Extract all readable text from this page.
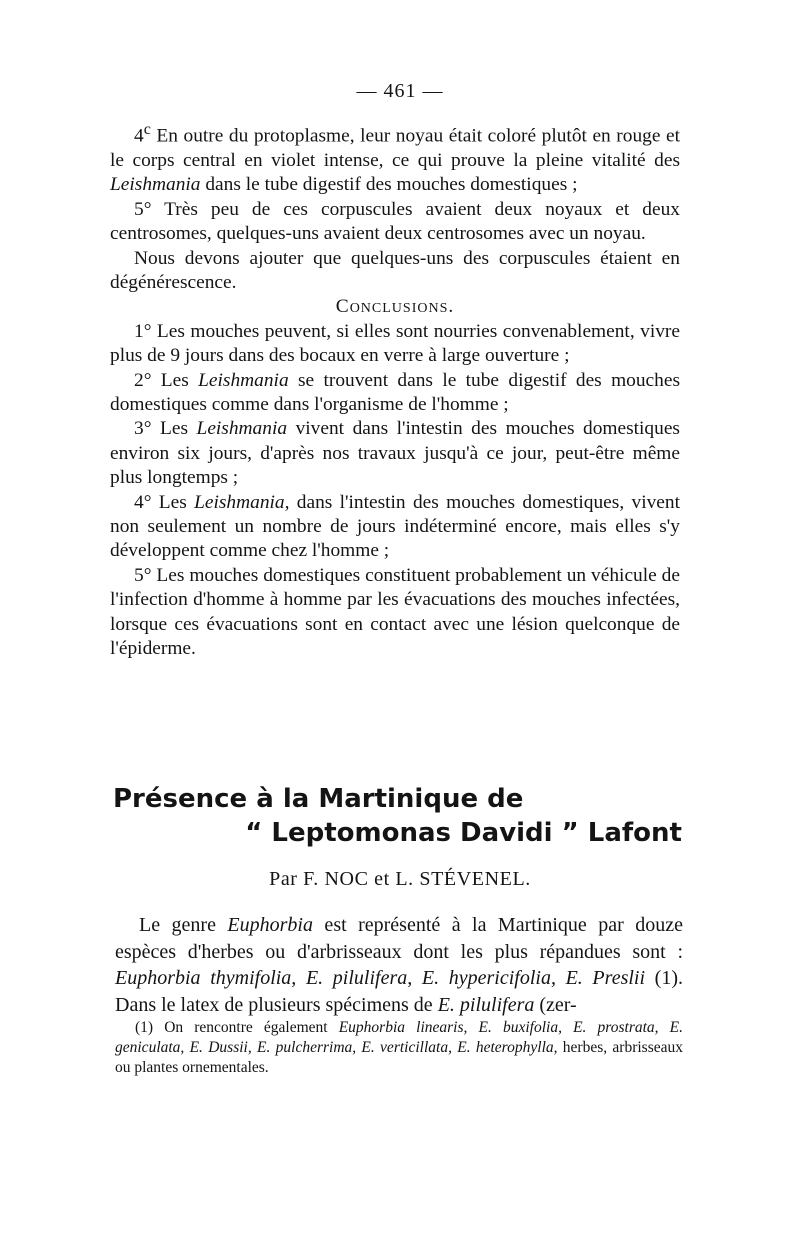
— 461 —

4$^c$ En outre du protoplasme, leur noyau était coloré plutôt en rouge et le corps central en violet intense, ce qui prouve la pleine vitalité des Leishmania dans le tube digestif des mouches domestiques ;

5° Très peu de ces corpuscules avaient deux noyaux et deux centrosomes, quelques-uns avaient deux centrosomes avec un noyau.

Nous devons ajouter que quelques-uns des corpuscules étaient en dégénérescence.

Conclusions.

1° Les mouches peuvent, si elles sont nourries convenablement, vivre plus de 9 jours dans des bocaux en verre à large ouverture ;

2° Les Leishmania se trouvent dans le tube digestif des mouches domestiques comme dans l'organisme de l'homme ;

3° Les Leishmania vivent dans l'intestin des mouches domestiques environ six jours, d'après nos travaux jusqu'à ce jour, peut-être même plus longtemps ;

4° Les Leishmania, dans l'intestin des mouches domestiques, vivent non seulement un nombre de jours indéterminé encore, mais elles s'y développent comme chez l'homme ;

5° Les mouches domestiques constituent probablement un véhicule de l'infection d'homme à homme par les évacuations des mouches infectées, lorsque ces évacuations sont en contact avec une lésion quelconque de l'épiderme.

Présence à la Martinique de
“ Leptomonas Davidi ” Lafont
Par F. NOC et L. STÉVENEL.

Le genre Euphorbia est représenté à la Martinique par douze espèces d'herbes ou d'arbrisseaux dont les plus répandues sont : Euphorbia thymifolia, E. pilulifera, E. hypericifolia, E. Preslii (1). Dans le latex de plusieurs spécimens de E. pilulifera (zer-

(1) On rencontre également Euphorbia linearis, E. buxifolia, E. prostrata, E. geniculata, E. Dussii, E. pulcherrima, E. verticillata, E. heterophylla, herbes, arbrisseaux ou plantes ornementales.
